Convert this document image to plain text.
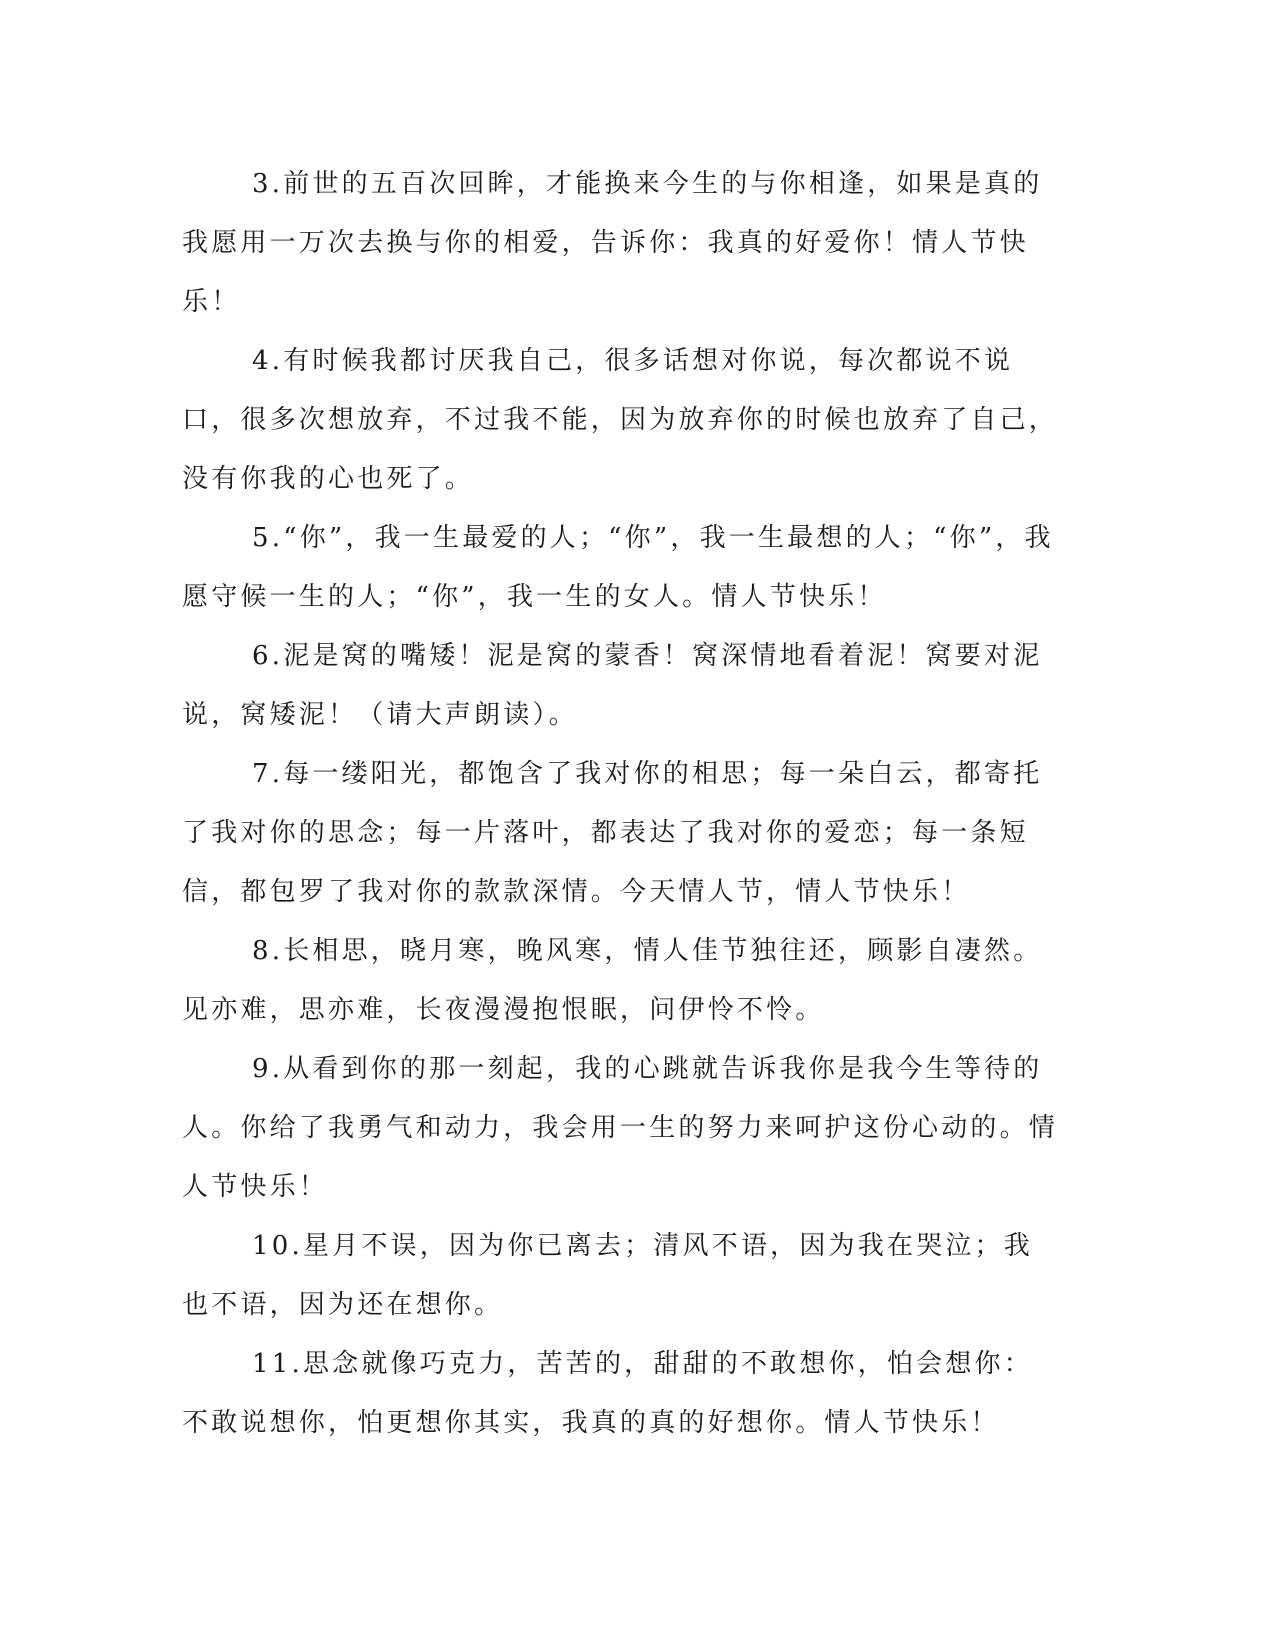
3.前世的五百次回眸，才能换来今生的与你相逢，如果是真的我愿用一万次去换与你的相爱，告诉你：我真的好爱你！情人节快乐！

4.有时候我都讨厌我自己，很多话想对你说，每次都说不说口，很多次想放弃，不过我不能，因为放弃你的时候也放弃了自己，没有你我的心也死了。

5.“你”，我一生最爱的人；“你”，我一生最想的人；“你”，我愿守候一生的人；“你”，我一生的女人。情人节快乐！

6.泥是窝的嘴矮！泥是窝的蒙香！窝深情地看着泥！窝要对泥说，窝矮泥！（请大声朗读）。

7.每一缕阳光，都饱含了我对你的相思；每一朵白云，都寄托了我对你的思念；每一片落叶，都表达了我对你的爱恋；每一条短信，都包罗了我对你的款款深情。今天情人节，情人节快乐！

8.长相思，晓月寒，晚风寒，情人佳节独往还，顾影自凄然。见亦难，思亦难，长夜漫漫抱恨眠，问伊怜不怜。

9.从看到你的那一刻起，我的心跳就告诉我你是我今生等待的人。你给了我勇气和动力，我会用一生的努力来呵护这份心动的。情人节快乐！

10.星月不误，因为你已离去；清风不语，因为我在哭泣；我也不语，因为还在想你。

11.思念就像巧克力，苦苦的，甜甜的不敢想你，怕会想你：不敢说想你，怕更想你其实，我真的真的好想你。情人节快乐！
